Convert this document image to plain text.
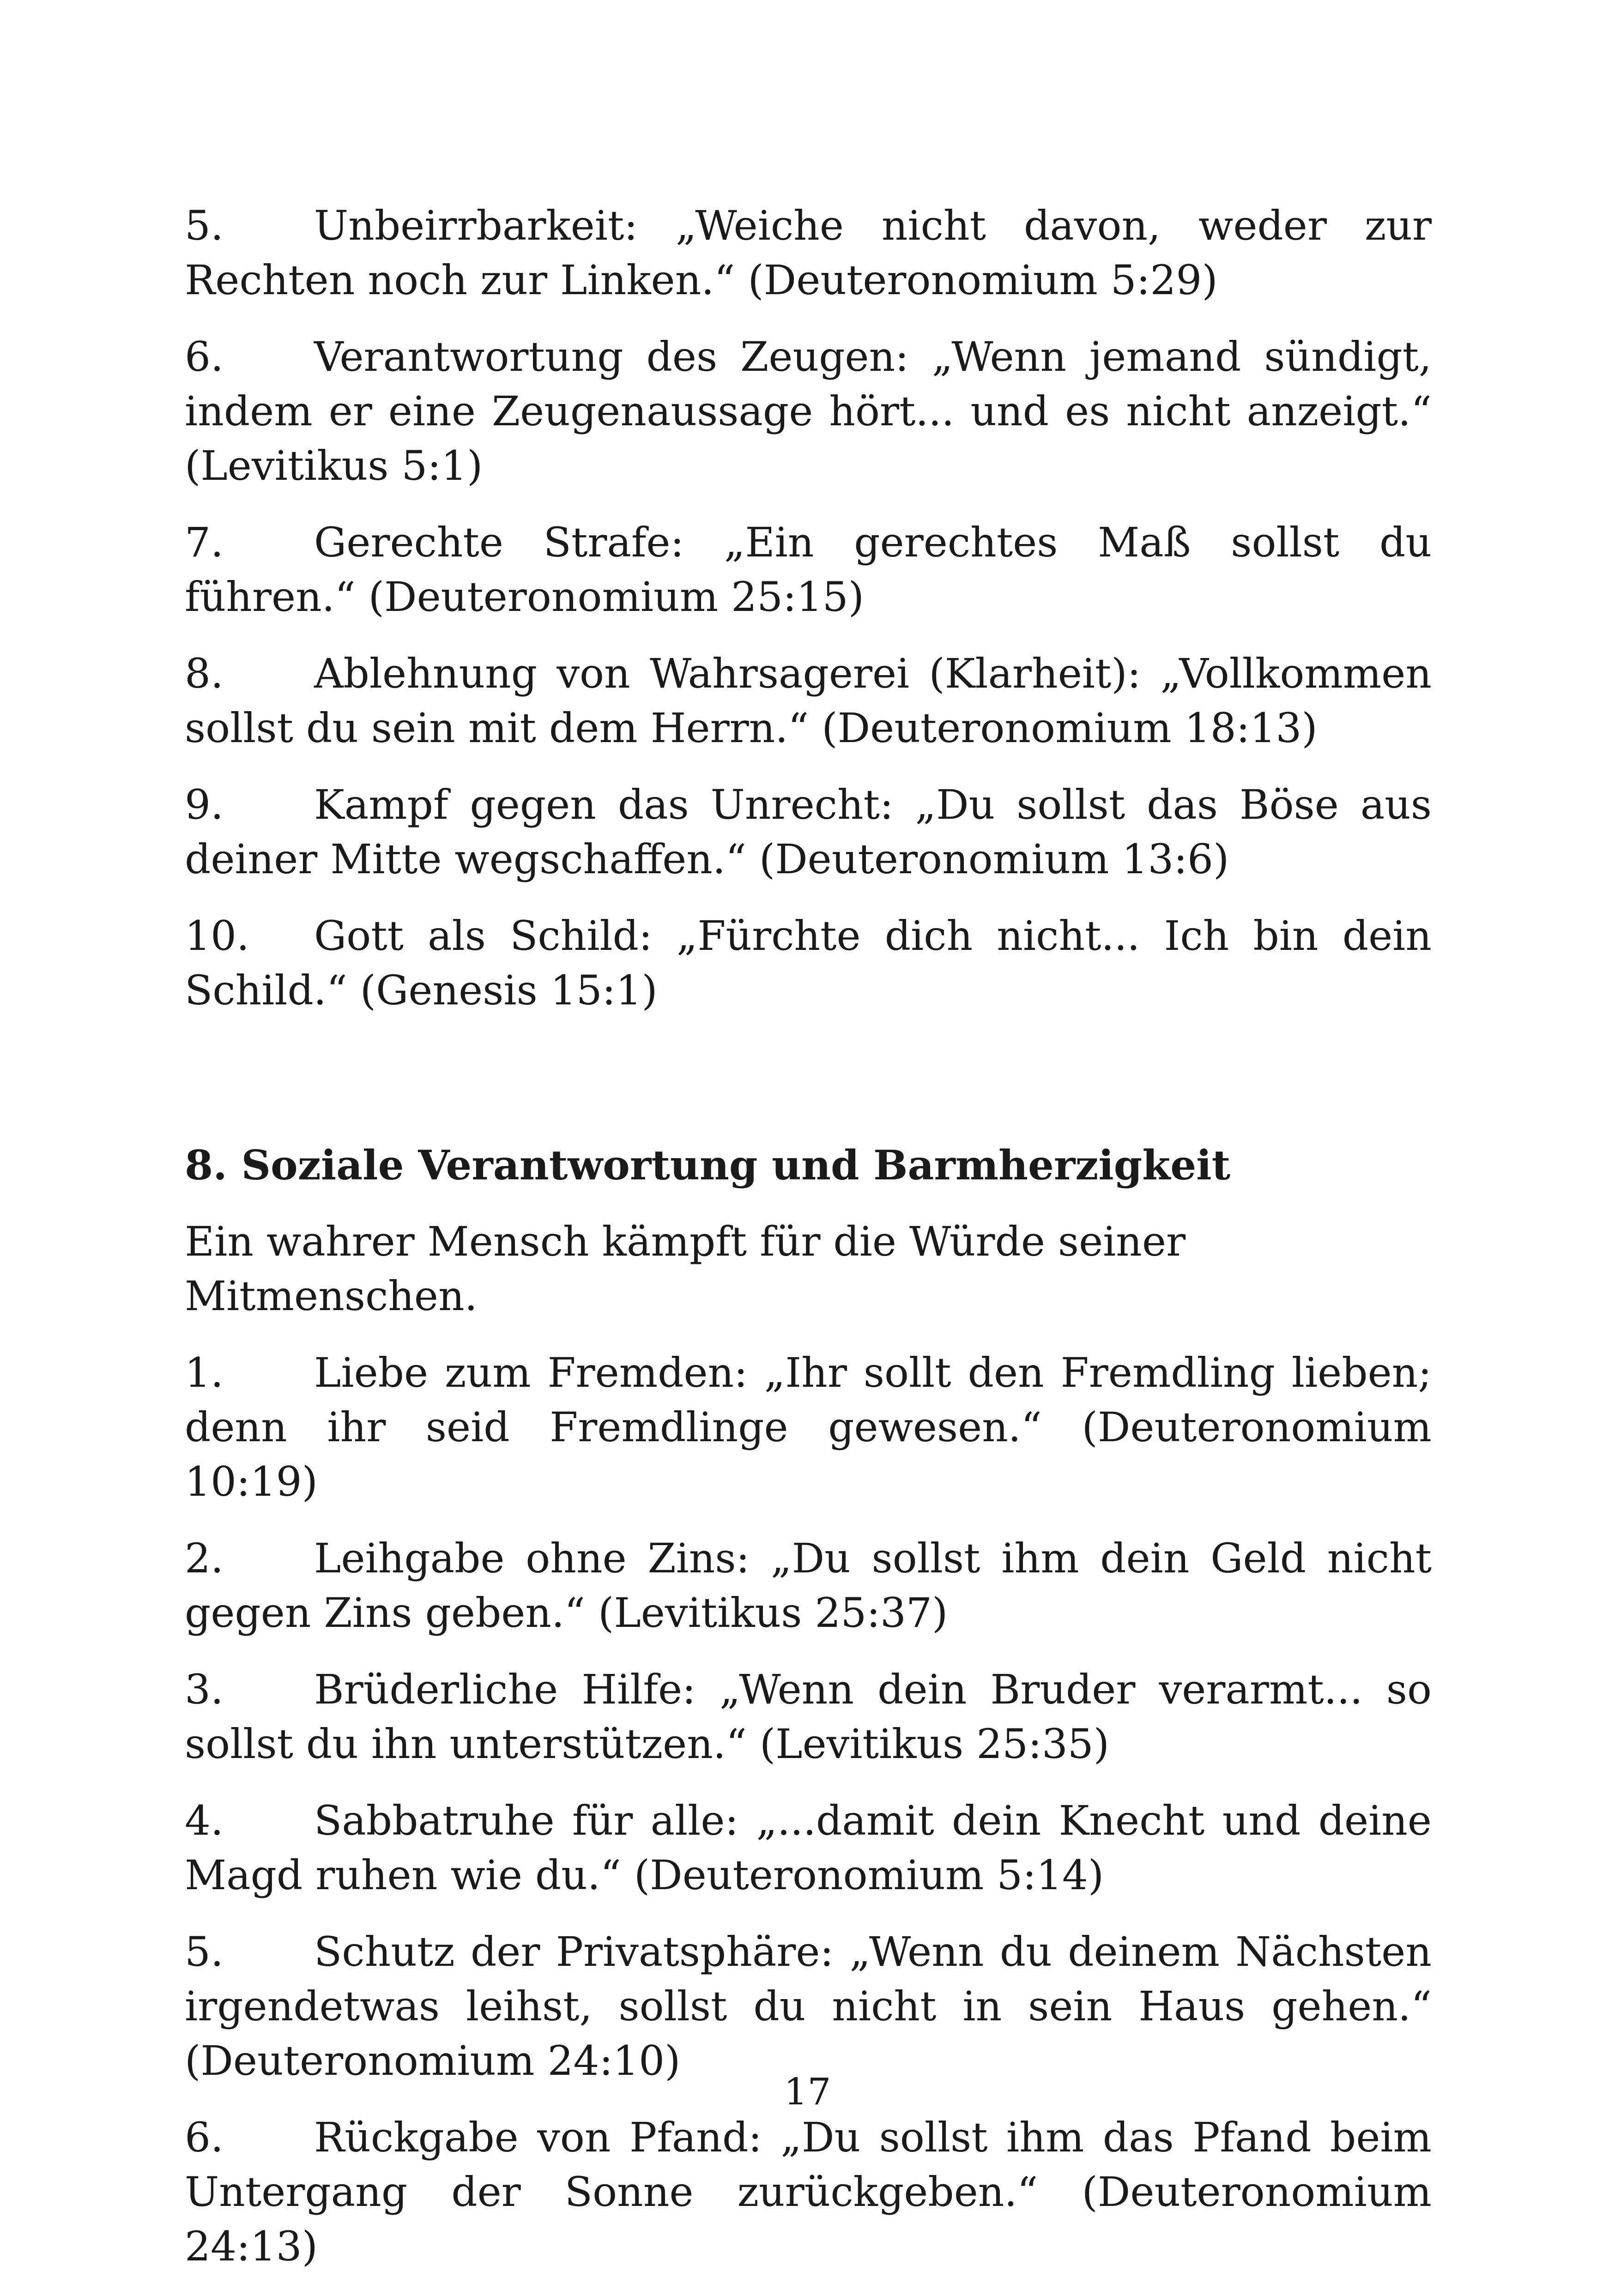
5. Unbeirrbarkeit: „Weiche nicht davon, weder zur Rechten noch zur Linken.“ (Deuteronomium 5:29)

6. Verantwortung des Zeugen: „Wenn jemand sündigt, indem er eine Zeugenaussage hört... und es nicht anzeigt.“ (Levitikus 5:1)

7. Gerechte Strafe: „Ein gerechtes Maß sollst du führen.“ (Deuteronomium 25:15)

8. Ablehnung von Wahrsagerei (Klarheit): „Vollkommen sollst du sein mit dem Herrn.“ (Deuteronomium 18:13)

9. Kampf gegen das Unrecht: „Du sollst das Böse aus deiner Mitte wegschaffen.“ (Deuteronomium 13:6)

10. Gott als Schild: „Fürchte dich nicht... Ich bin dein Schild.“ (Genesis 15:1)

8. Soziale Verantwortung und Barmherzigkeit

Ein wahrer Mensch kämpft für die Würde seiner Mitmenschen.

1. Liebe zum Fremden: „Ihr sollt den Fremdling lieben; denn ihr seid Fremdlinge gewesen.“ (Deuteronomium 10:19)

2. Leihgabe ohne Zins: „Du sollst ihm dein Geld nicht gegen Zins geben.“ (Levitikus 25:37)

3. Brüderliche Hilfe: „Wenn dein Bruder verarmt... so sollst du ihn unterstützen.“ (Levitikus 25:35)

4. Sabbatruhe für alle: „...damit dein Knecht und deine Magd ruhen wie du.“ (Deuteronomium 5:14)

5. Schutz der Privatsphäre: „Wenn du deinem Nächsten irgendetwas leihst, sollst du nicht in sein Haus gehen.“ (Deuteronomium 24:10)

6. Rückgabe von Pfand: „Du sollst ihm das Pfand beim Untergang der Sonne zurückgeben.“ (Deuteronomium 24:13)

17
